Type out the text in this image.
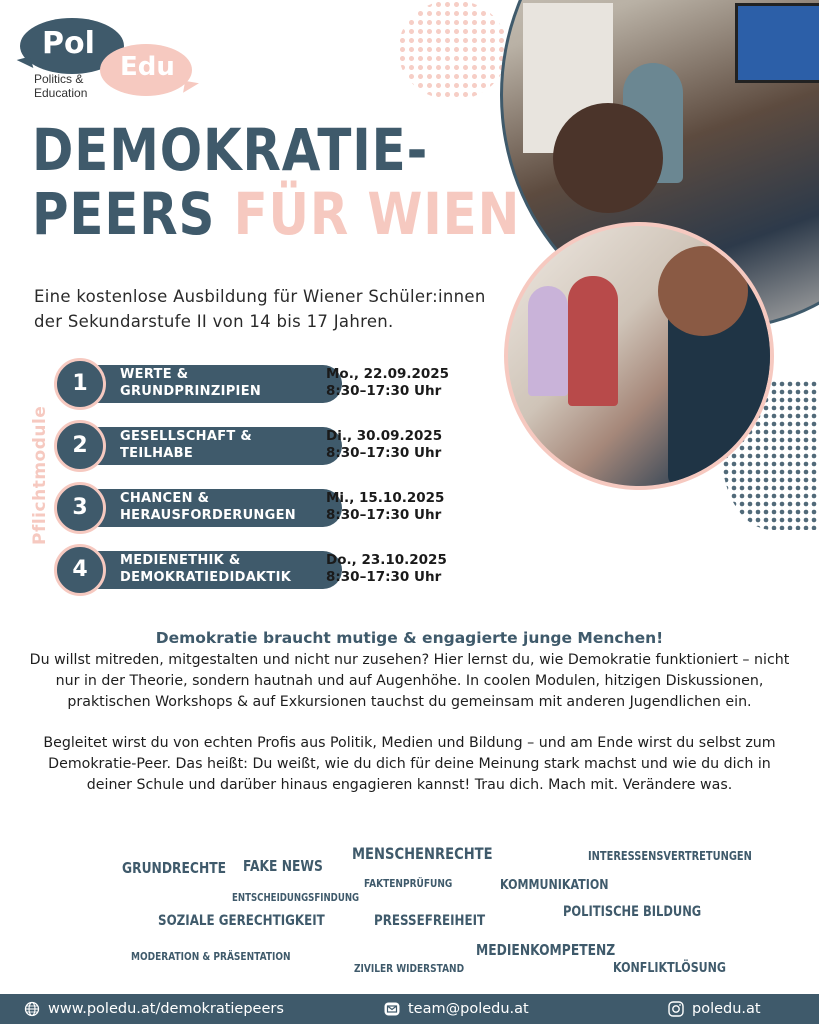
Pol
Edu
Politics &
Education
DEMOKRATIE-
PEERS FÜR WIEN
Eine kostenlose Ausbildung für Wiener Schüler:innen der Sekundarstufe II von 14 bis 17 Jahren.
Pflichtmodule
1	WERTE &
GRUNDPRINZIPIEN
Mo., 22.09.2025
8:30–17:30 Uhr
2	GESELLSCHAFT &
TEILHABE
Di., 30.09.2025
8:30–17:30 Uhr
3	CHANCEN &
HERAUSFORDERUNGEN
Mi., 15.10.2025
8:30–17:30 Uhr
4	MEDIENETHIK &
DEMOKRATIEDIDAKTIK
Do., 23.10.2025
8:30–17:30 Uhr
Demokratie braucht mutige & engagierte junge Menchen!
Du willst mitreden, mitgestalten und nicht nur zusehen? Hier lernst du, wie Demokratie funktioniert – nicht nur in der Theorie, sondern hautnah und auf Augenhöhe. In coolen Modulen, hitzigen Diskussionen, praktischen Workshops & auf Exkursionen tauchst du gemeinsam mit anderen Jugendlichen ein.
Begleitet wirst du von echten Profis aus Politik, Medien und Bildung – und am Ende wirst du selbst zum Demokratie-Peer. Das heißt: Du weißt, wie du dich für deine Meinung stark machst und wie du dich in deiner Schule und darüber hinaus engagieren kannst! Trau dich. Mach mit. Verändere was.
GRUNDRECHTE FAKE NEWS
MENSCHENRECHTE	INTERESSENSVERTRETUNGEN
ENTSCHEIDUNGSFINDUNG
FAKTENPRÜFUNG	KOMMUNIKATION
SOZIALE GERECHTIGKEIT	PRESSEFREIHEIT
POLITISCHE BILDUNG
MODERATION & PRÄSENTATION	MEDIENKOMPETENZ
ZIVILER WIDERSTAND	KONFLIKTLÖSUNG
www.poledu.at/demokratiepeers	team@poledu.at	poledu.at
